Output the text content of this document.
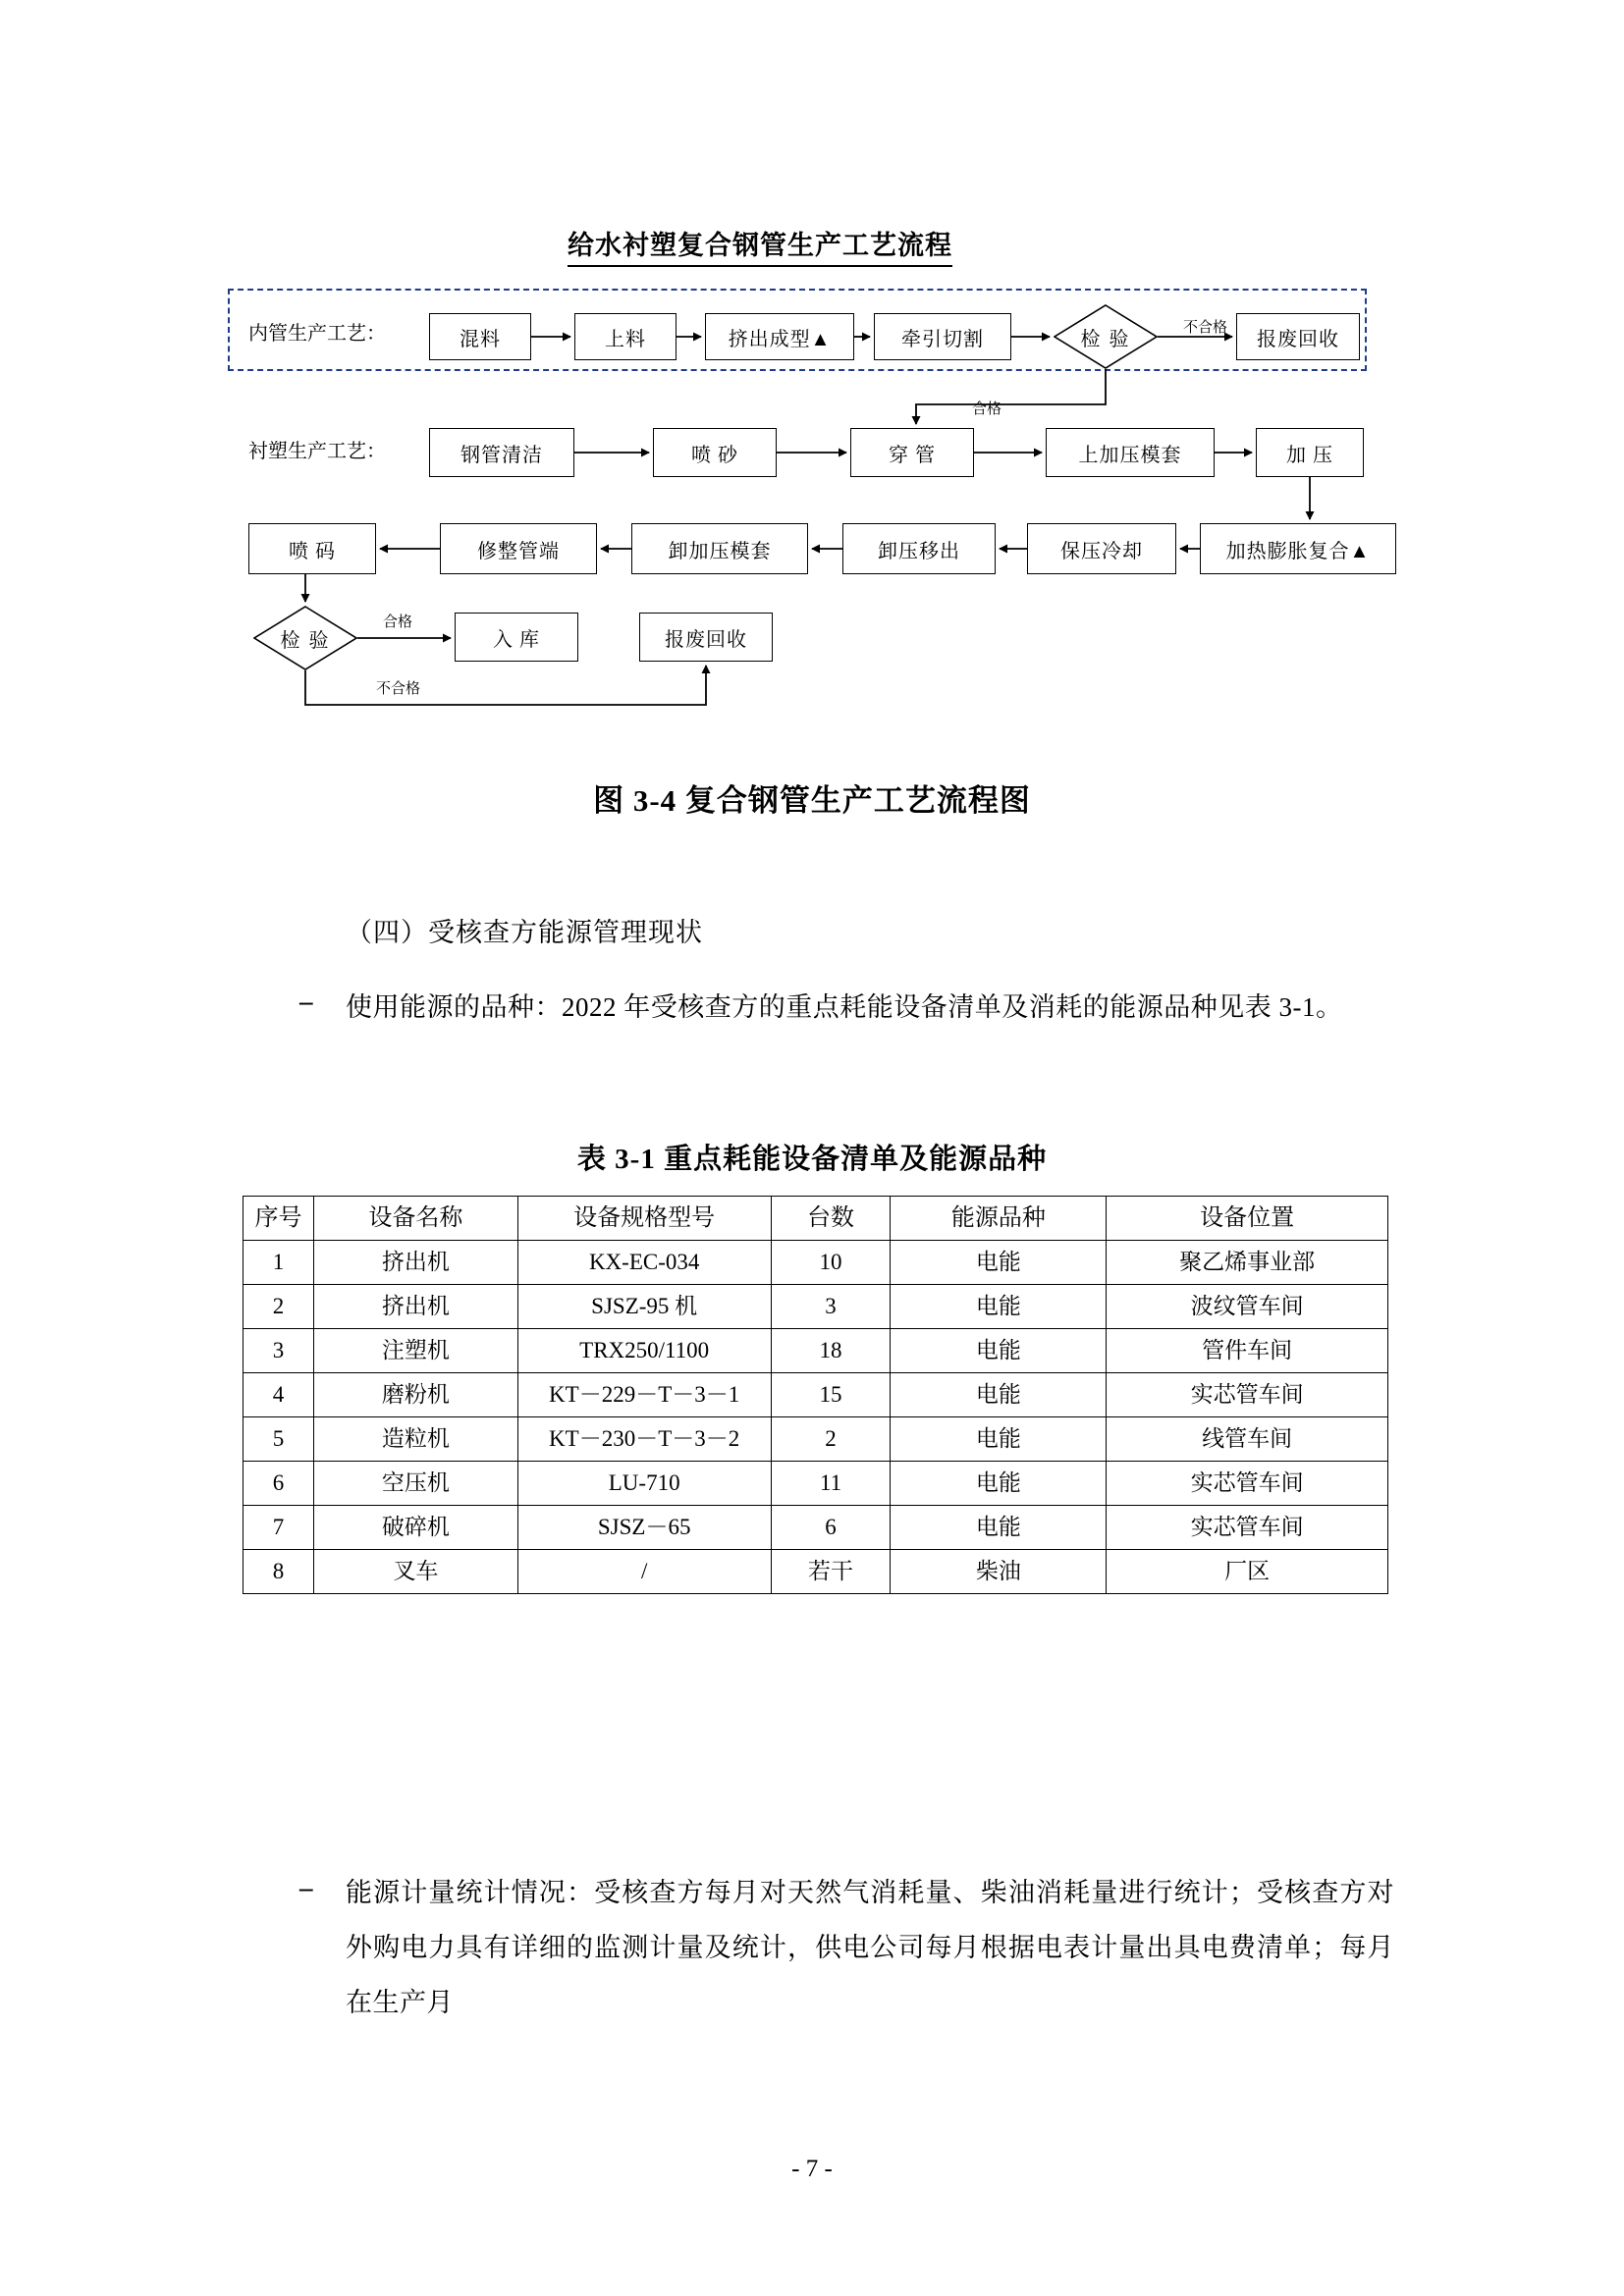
给水衬塑复合钢管生产工艺流程
内管生产工艺：
衬塑生产工艺：
混料	上料	挤出成型▲	牵引切割	检 验	报废回收
不合格
合格
钢管清洁	喷 砂	穿 管	上加压模套	加 压
喷 码	修整管端	卸加压模套	卸压移出	保压冷却	加热膨胀复合▲
检 验	入 库	报废回收
合格
不合格
图 3-4 复合钢管生产工艺流程图
（四）受核查方能源管理现状
– 使用能源的品种：2022 年受核查方的重点耗能设备清单及消耗的能源品种见表 3-1。
表 3-1 重点耗能设备清单及能源品种
序号	设备名称	设备规格型号	台数	能源品种	设备位置
1	挤出机	KX-EC-034	10	电能	聚乙烯事业部
2	挤出机	SJSZ-95 机	3	电能	波纹管车间
3	注塑机	TRX250/1100	18	电能	管件车间
4	磨粉机	KT－229－T－3－1	15	电能	实芯管车间
5	造粒机	KT－230－T－3－2	2	电能	线管车间
6	空压机	LU-710	11	电能	实芯管车间
7	破碎机	SJSZ－65	6	电能	实芯管车间
8	叉车	/	若干	柴油	厂区
– 能源计量统计情况：受核查方每月对天然气消耗量、柴油消耗量进行统计；受核查方对外购电力具有详细的监测计量及统计，供电公司每月根据电表计量出具电费清单；每月在生产月
- 7 -
